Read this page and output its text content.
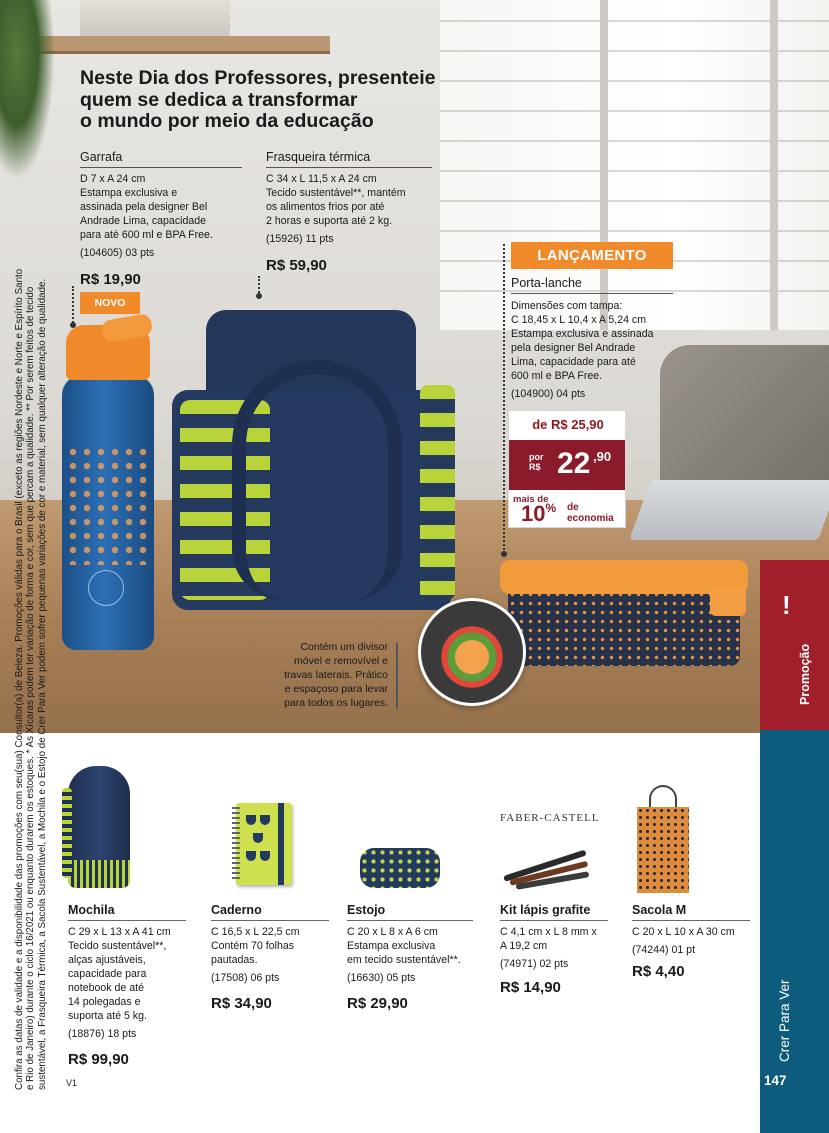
Neste Dia dos Professores, presenteie
quem se dedica a transformar
o mundo por meio da educação
Garrafa
D 7 x A 24 cm
Estampa exclusiva e
assinada pela designer Bel
Andrade Lima, capacidade
para até 600 ml e BPA Free.
(104605) 03 pts
R$ 19,90
NOVO
Frasqueira térmica
C 34 x L 11,5 x A 24 cm
Tecido sustentável**, mantém
os alimentos frios por até
2 horas e suporta até 2 kg.
(15926) 11 pts
R$ 59,90
LANÇAMENTO
Porta-lanche
Dimensões com tampa:
C 18,45 x L 10,4 x A 5,24 cm
Estampa exclusiva e assinada
pela designer Bel Andrade
Lima, capacidade para até
600 ml e BPA Free.
(104900) 04 pts
de R$ 25,90
por
R$ 22 ,90
mais de
10% de
economia
Contém um divisor
móvel e removível e
travas laterais. Prático
e espaçoso para levar
para todos os lugares.
Confira as datas de validade e a disponibilidade das promoções com seu(sua) Consultor(a) de Beleza. Promoções válidas para o Brasil (exceto as regiões Nordeste e Norte e Espírito Santo e Rio de Janeiro) durante o ciclo 16/2021 ou enquanto durarem os estoques. * As Xícaras podem ter variação de forma e cor, sem que percam a qualidade. ** Por serem feitos de tecido sustentável, a Frasqueira Térmica, a Sacola Sustentável, a Mochila e o Estojo de Crer Para Ver podem sofrer pequenas variações de cor e material, sem qualquer alteração de qualidade. V1
!
Promoção
Crer Para Ver
147
Mochila
C 29 x L 13 x A 41 cm
Tecido sustentável**,
alças ajustáveis,
capacidade para
notebook de até
14 polegadas e
suporta até 5 kg.
(18876) 18 pts
R$ 99,90
Caderno
C 16,5 x L 22,5 cm
Contém 70 folhas
pautadas.
(17508) 06 pts
R$ 34,90
Estojo
C 20 x L 8 x A 6 cm
Estampa exclusiva
em tecido sustentável**.
(16630) 05 pts
R$ 29,90
FABER-CASTELL
Kit lápis grafite
C 4,1 cm x L 8 mm x
A 19,2 cm
(74971) 02 pts
R$ 14,90
Sacola M
C 20 x L 10 x A 30 cm
(74244) 01 pt
R$ 4,40
